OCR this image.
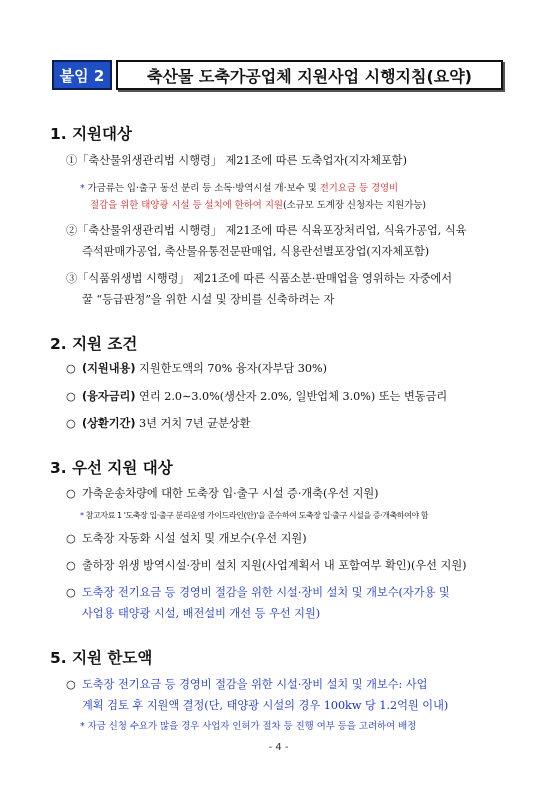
붙임 2	축산물 도축가공업체 지원사업 시행지침(요약)
1. 지원대상
①「축산물위생관리법 시행령」 제21조에 따른 도축업자(지자체포함)
* 가금류는 입·출구 동선 분리 등 소독·방역시설 개·보수 및 전기요금 등 경영비
절감을 위한 태양광 시설 등 설치에 한하여 지원(소규모 도계장 신청자는 지원가능)
②「축산물위생관리법 시행령」 제21조에 따른 식육포장처리업, 식육가공업, 식육
즉석판매가공업, 축산물유통전문판매업, 식용란선별포장업(지자체포함)
③「식품위생법 시행령」 제21조에 따른 식품소분·판매업을 영위하는 자중에서
꿀 “등급판정”을 위한 시설 및 장비를 신축하려는 자
2. 지원 조건
○ (지원내용) 지원한도액의 70% 융자(자부담 30%)
○ (융자금리) 연리 2.0∼3.0%(생산자 2.0%, 일반업체 3.0%) 또는 변동금리
○ (상환기간) 3년 거치 7년 균분상환
3. 우선 지원 대상
○ 가축운송차량에 대한 도축장 입·출구 시설 증·개축(우선 지원)
* 참고자료 1 '도축장 입·출구 분리운영 가이드라인(안)'을 준수하여 도축장 입·출구 시설을 증·개축하여야 함
○ 도축장 자동화 시설 설치 및 개보수(우선 지원)
○ 출하장 위생 방역시설·장비 설치 지원(사업계획서 내 포함여부 확인)(우선 지원)
○ 도축장 전기요금 등 경영비 절감을 위한 시설·장비 설치 및 개보수(자가용 및
사업용 태양광 시설, 배전설비 개선 등 우선 지원)
5. 지원 한도액
○ 도축장 전기요금 등 경영비 절감을 위한 시설·장비 설치 및 개보수: 사업
계획 검토 후 지원액 결정(단, 태양광 시설의 경우 100kw 당 1.2억원 이내)
* 자금 신청 수요가 많을 경우 사업자 인허가 절차 등 진행 여부 등을 고려하여 배정
- 4 -
